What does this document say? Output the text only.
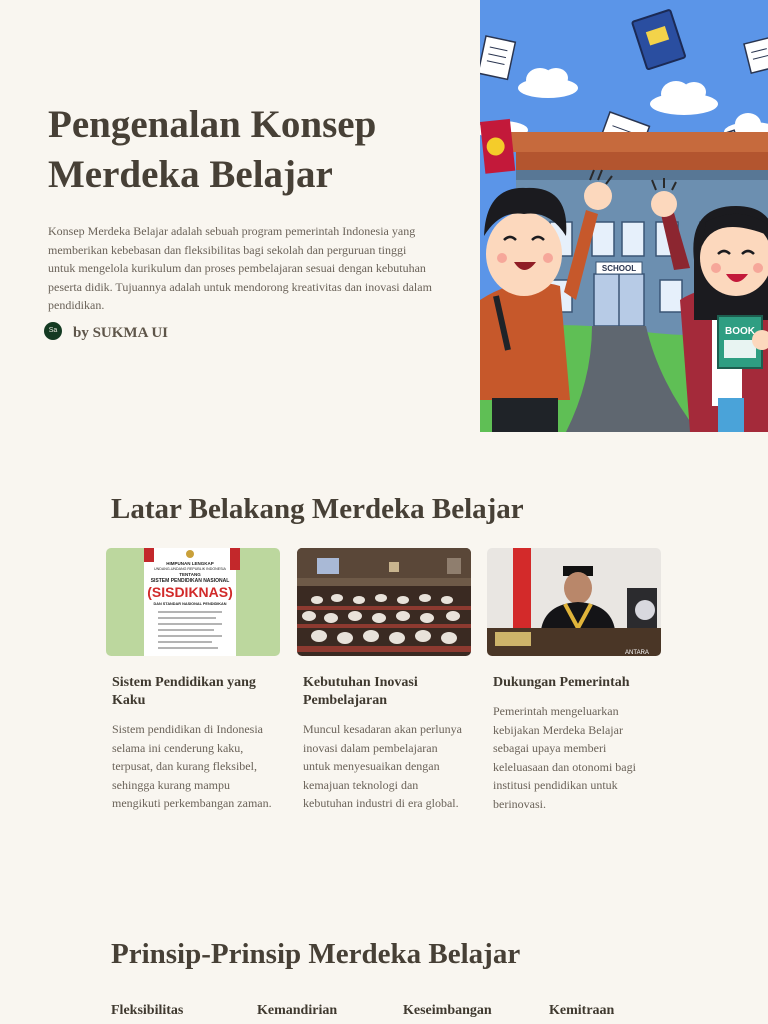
Pengenalan Konsep
Merdeka Belajar
Konsep Merdeka Belajar adalah sebuah program pemerintah Indonesia yang memberikan kebebasan dan fleksibilitas bagi sekolah dan perguruan tinggi untuk mengelola kurikulum dan proses pembelajaran sesuai dengan kebutuhan peserta didik. Tujuannya adalah untuk mendorong kreativitas dan inovasi dalam pendidikan.
Sa	by SUKMA UI
SCHOOL
BOOK
Latar Belakang Merdeka Belajar
HIMPUNAN LENGKAP
UNDANG-UNDANG REPUBLIK INDONESIA
TENTANG
SISTEM PENDIDIKAN NASIONAL
(SISDIKNAS)
DAN STANDAR NASIONAL PENDIDIKAN
Sistem Pendidikan yang Kaku
Sistem pendidikan di Indonesia selama ini cenderung kaku, terpusat, dan kurang fleksibel, sehingga kurang mampu mengikuti perkembangan zaman.
Kebutuhan Inovasi Pembelajaran
Muncul kesadaran akan perlunya inovasi dalam pembelajaran untuk menyesuaikan dengan kemajuan teknologi dan kebutuhan industri di era global.
ANTARA
Dukungan Pemerintah
Pemerintah mengeluarkan kebijakan Merdeka Belajar sebagai upaya memberi keleluasaan dan otonomi bagi institusi pendidikan untuk berinovasi.
Prinsip-Prinsip Merdeka Belajar
Fleksibilitas	Kemandirian	Keseimbangan	Kemitraan
